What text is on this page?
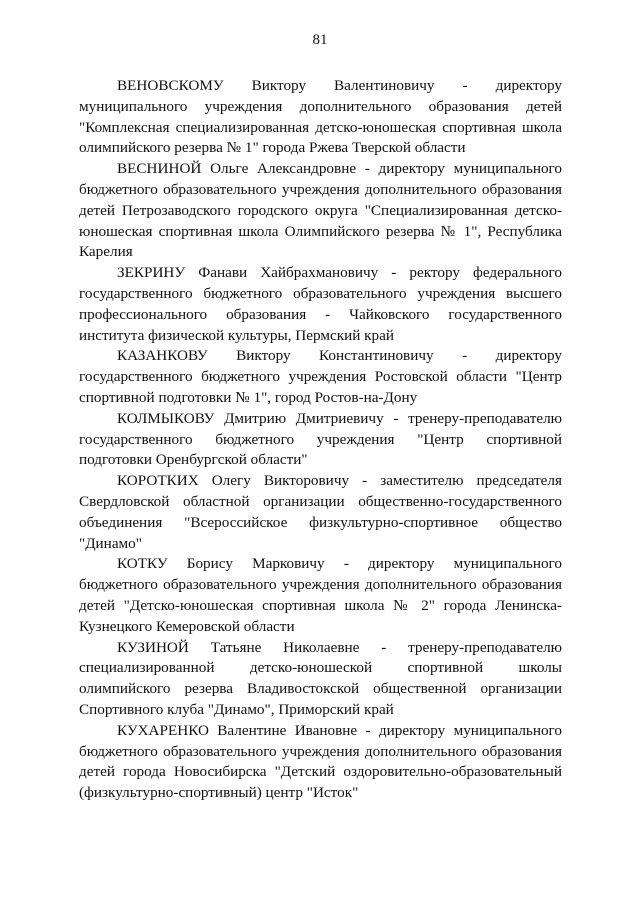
81

ВЕНОВСКОМУ Виктору Валентиновичу - директору муниципального учреждения дополнительного образования детей "Комплексная специализированная детско-юношеская спортивная школа олимпийского резерва № 1" города Ржева Тверской области

ВЕСНИНОЙ Ольге Александровне - директору муниципального бюджетного образовательного учреждения дополнительного образования детей Петрозаводского городского округа "Специализированная детско-юношеская спортивная школа Олимпийского резерва № 1", Республика Карелия

ЗЕКРИНУ Фанави Хайбрахмановичу - ректору федерального государственного бюджетного образовательного учреждения высшего профессионального образования - Чайковского государственного института физической культуры, Пермский край

КАЗАНКОВУ Виктору Константиновичу - директору государственного бюджетного учреждения Ростовской области "Центр спортивной подготовки № 1", город Ростов-на-Дону

КОЛМЫКОВУ Дмитрию Дмитриевичу - тренеру-преподавателю государственного бюджетного учреждения "Центр спортивной подготовки Оренбургской области"

КОРОТКИХ Олегу Викторовичу - заместителю председателя Свердловской областной организации общественно-государственного объединения "Всероссийское физкультурно-спортивное общество "Динамо"

КОТКУ Борису Марковичу - директору муниципального бюджетного образовательного учреждения дополнительного образования детей "Детско-юношеская спортивная школа № 2" города Ленинска-Кузнецкого Кемеровской области

КУЗИНОЙ Татьяне Николаевне - тренеру-преподавателю специализированной детско-юношеской спортивной школы олимпийского резерва Владивостокской общественной организации Спортивного клуба "Динамо", Приморский край

КУХАРЕНКО Валентине Ивановне - директору муниципального бюджетного образовательного учреждения дополнительного образования детей города Новосибирска "Детский оздоровительно-образовательный (физкультурно-спортивный) центр "Исток"
